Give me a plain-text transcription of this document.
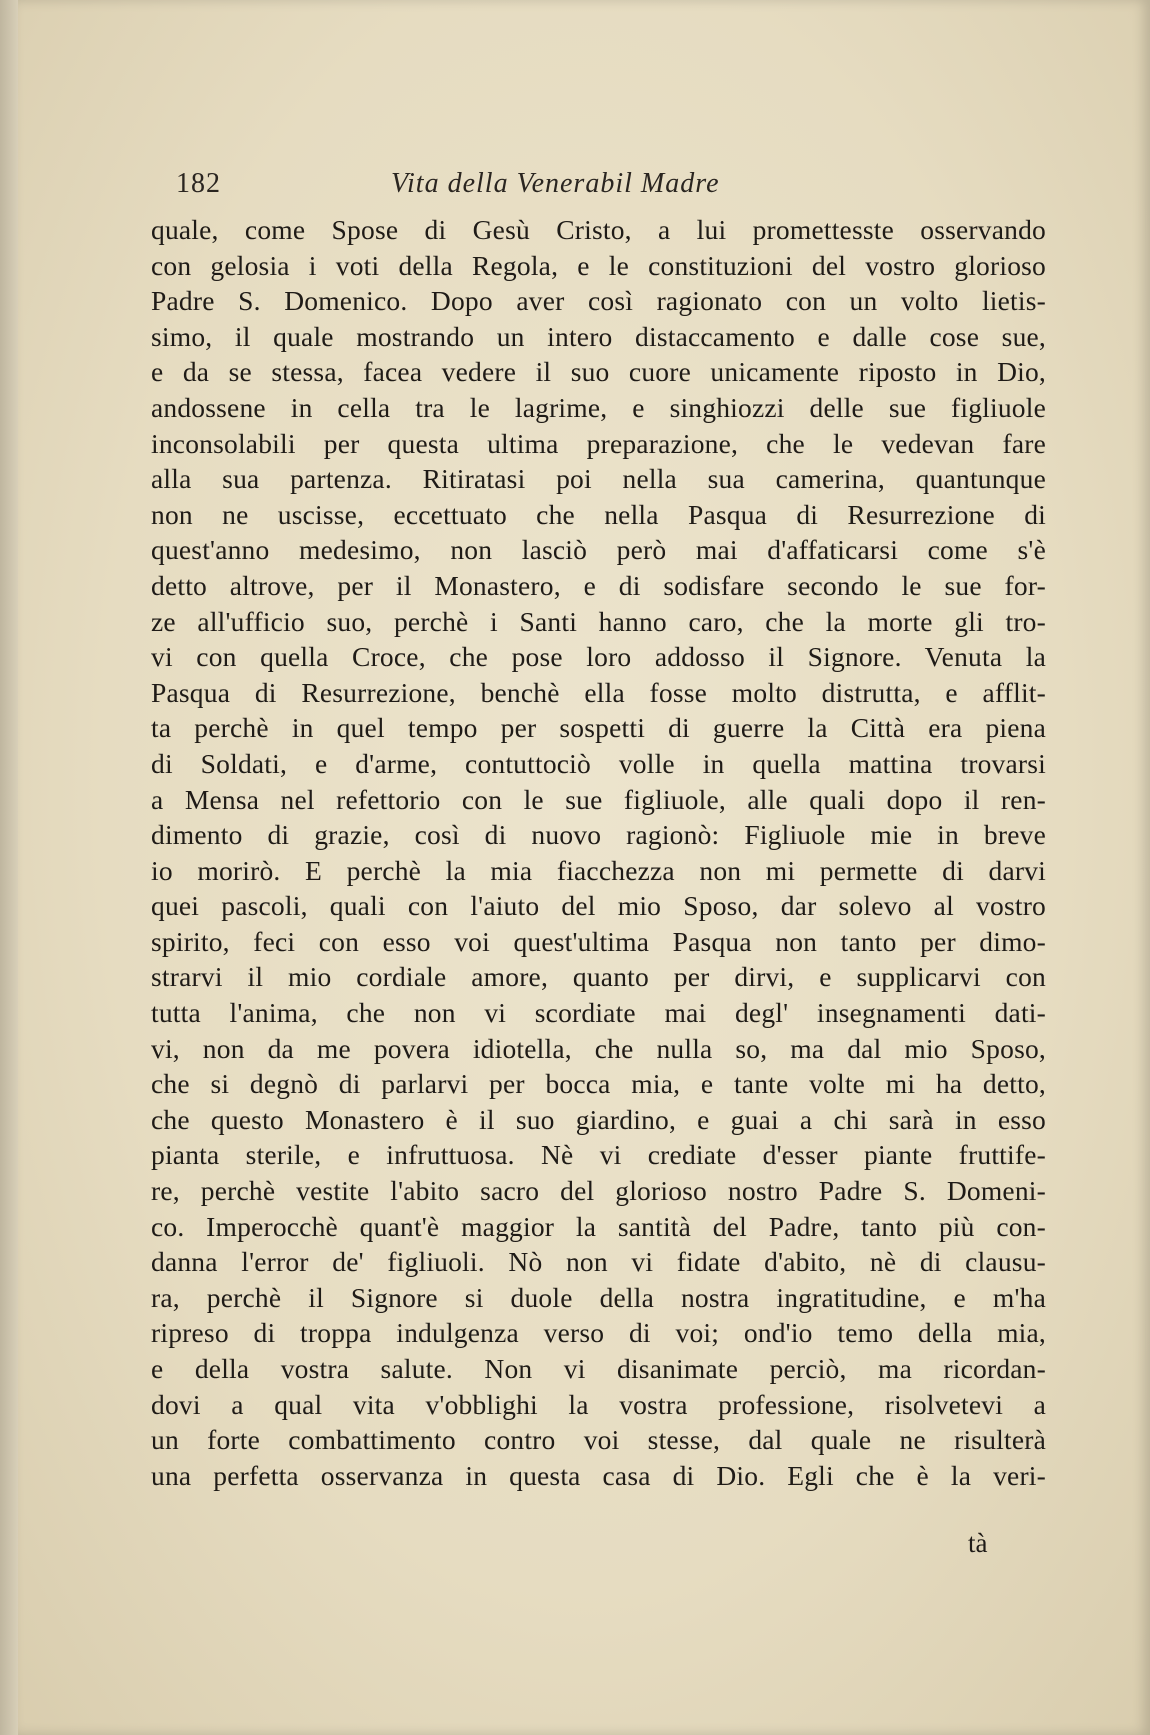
182	Vita della Venerabil Madre
quale, come Spose di Gesù Cristo, a lui promettesste osservando
con gelosia i voti della Regola, e le constituzioni del vostro glorioso
Padre S. Domenico. Dopo aver così ragionato con un volto lietis-
simo, il quale mostrando un intero distaccamento e dalle cose sue,
e da se stessa, facea vedere il suo cuore unicamente riposto in Dio,
andossene in cella tra le lagrime, e singhiozzi delle sue figliuole
inconsolabili per questa ultima preparazione, che le vedevan fare
alla sua partenza. Ritiratasi poi nella sua camerina, quantunque
non ne uscisse, eccettuato che nella Pasqua di Resurrezione di
quest'anno medesimo, non lasciò però mai d'affaticarsi come s'è
detto altrove, per il Monastero, e di sodisfare secondo le sue for-
ze all'ufficio suo, perchè i Santi hanno caro, che la morte gli tro-
vi con quella Croce, che pose loro addosso il Signore. Venuta la
Pasqua di Resurrezione, benchè ella fosse molto distrutta, e afflit-
ta perchè in quel tempo per sospetti di guerre la Città era piena
di Soldati, e d'arme, contuttociò volle in quella mattina trovarsi
a Mensa nel refettorio con le sue figliuole, alle quali dopo il ren-
dimento di grazie, così di nuovo ragionò: Figliuole mie in breve
io morirò. E perchè la mia fiacchezza non mi permette di darvi
quei pascoli, quali con l'aiuto del mio Sposo, dar solevo al vostro
spirito, feci con esso voi quest'ultima Pasqua non tanto per dimo-
strarvi il mio cordiale amore, quanto per dirvi, e supplicarvi con
tutta l'anima, che non vi scordiate mai degl' insegnamenti dati-
vi, non da me povera idiotella, che nulla so, ma dal mio Sposo,
che si degnò di parlarvi per bocca mia, e tante volte mi ha detto,
che questo Monastero è il suo giardino, e guai a chi sarà in esso
pianta sterile, e infruttuosa. Nè vi crediate d'esser piante fruttife-
re, perchè vestite l'abito sacro del glorioso nostro Padre S. Domeni-
co. Imperocchè quant'è maggior la santità del Padre, tanto più con-
danna l'error de' figliuoli. Nò non vi fidate d'abito, nè di clausu-
ra, perchè il Signore si duole della nostra ingratitudine, e m'ha
ripreso di troppa indulgenza verso di voi; ond'io temo della mia,
e della vostra salute. Non vi disanimate perciò, ma ricordan-
dovi a qual vita v'obblighi la vostra professione, risolvetevi a
un forte combattimento contro voi stesse, dal quale ne risulterà
una perfetta osservanza in questa casa di Dio. Egli che è la veri-
tà
